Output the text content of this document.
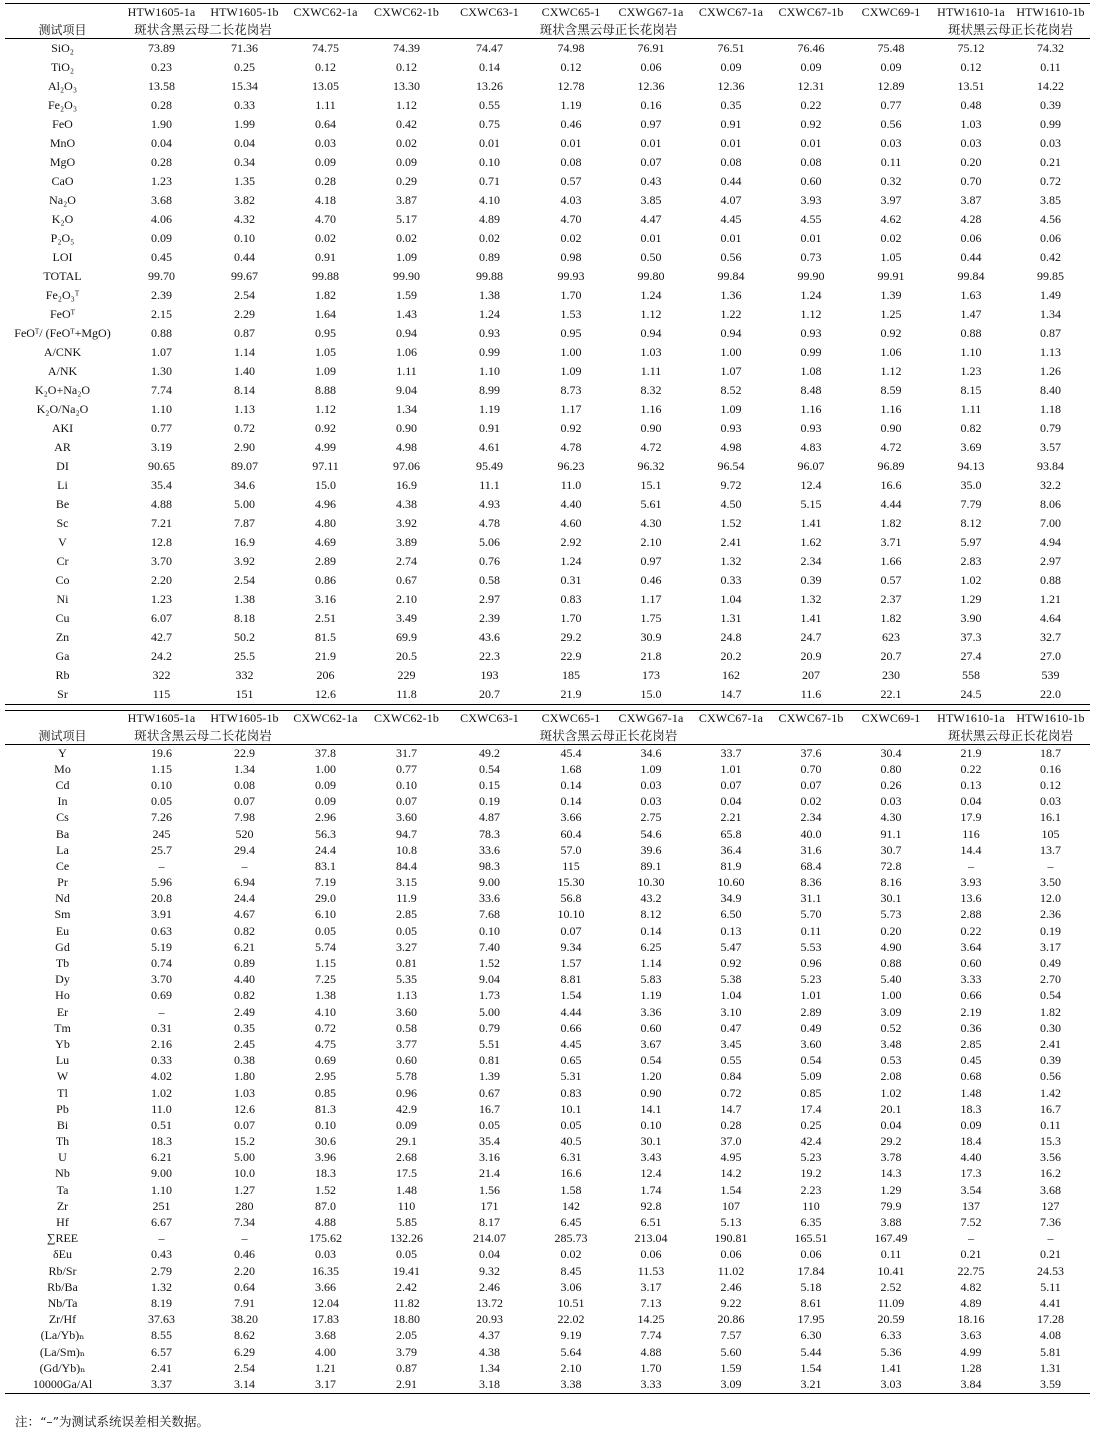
	HTW1605-1a	HTW1605-1b	CXWC62-1a	CXWC62-1b	CXWC63-1	CXWC65-1	CXWG67-1a	CXWC67-1a	CXWC67-1b	CXWC69-1	HTW1610-1a	HTW1610-1b
测试项目	斑状含黑云母二长花岗岩		斑状含黑云母正长花岗岩								斑状黑云母正长花岗岩	
SiO₂	73.89	71.36	74.75	74.39	74.47	74.98	76.91	76.51	76.46	75.48	75.12	74.32
TiO₂	0.23	0.25	0.12	0.12	0.14	0.12	0.06	0.09	0.09	0.09	0.12	0.11
Al₂O₃	13.58	15.34	13.05	13.30	13.26	12.78	12.36	12.36	12.31	12.89	13.51	14.22
Fe₂O₃	0.28	0.33	1.11	1.12	0.55	1.19	0.16	0.35	0.22	0.77	0.48	0.39
FeO	1.90	1.99	0.64	0.42	0.75	0.46	0.97	0.91	0.92	0.56	1.03	0.99
MnO	0.04	0.04	0.03	0.02	0.01	0.01	0.01	0.01	0.01	0.03	0.03	0.03
MgO	0.28	0.34	0.09	0.09	0.10	0.08	0.07	0.08	0.08	0.11	0.20	0.21
CaO	1.23	1.35	0.28	0.29	0.71	0.57	0.43	0.44	0.60	0.32	0.70	0.72
Na₂O	3.68	3.82	4.18	3.87	4.10	4.03	3.85	4.07	3.93	3.97	3.87	3.85
K₂O	4.06	4.32	4.70	5.17	4.89	4.70	4.47	4.45	4.55	4.62	4.28	4.56
P₂O₅	0.09	0.10	0.02	0.02	0.02	0.02	0.01	0.01	0.01	0.02	0.06	0.06
LOI	0.45	0.44	0.91	1.09	0.89	0.98	0.50	0.56	0.73	1.05	0.44	0.42
TOTAL	99.70	99.67	99.88	99.90	99.88	99.93	99.80	99.84	99.90	99.91	99.84	99.85
Fe₂O₃ᵀ	2.39	2.54	1.82	1.59	1.38	1.70	1.24	1.36	1.24	1.39	1.63	1.49
FeOᵀ	2.15	2.29	1.64	1.43	1.24	1.53	1.12	1.22	1.12	1.25	1.47	1.34
FeOᵀ/ (FeOᵀ+MgO)	0.88	0.87	0.95	0.94	0.93	0.95	0.94	0.94	0.93	0.92	0.88	0.87
A/CNK	1.07	1.14	1.05	1.06	0.99	1.00	1.03	1.00	0.99	1.06	1.10	1.13
A/NK	1.30	1.40	1.09	1.11	1.10	1.09	1.11	1.07	1.08	1.12	1.23	1.26
K₂O+Na₂O	7.74	8.14	8.88	9.04	8.99	8.73	8.32	8.52	8.48	8.59	8.15	8.40
K₂O/Na₂O	1.10	1.13	1.12	1.34	1.19	1.17	1.16	1.09	1.16	1.16	1.11	1.18
AKI	0.77	0.72	0.92	0.90	0.91	0.92	0.90	0.93	0.93	0.90	0.82	0.79
AR	3.19	2.90	4.99	4.98	4.61	4.78	4.72	4.98	4.83	4.72	3.69	3.57
DI	90.65	89.07	97.11	97.06	95.49	96.23	96.32	96.54	96.07	96.89	94.13	93.84
Li	35.4	34.6	15.0	16.9	11.1	11.0	15.1	9.72	12.4	16.6	35.0	32.2
Be	4.88	5.00	4.96	4.38	4.93	4.40	5.61	4.50	5.15	4.44	7.79	8.06
Sc	7.21	7.87	4.80	3.92	4.78	4.60	4.30	1.52	1.41	1.82	8.12	7.00
V	12.8	16.9	4.69	3.89	5.06	2.92	2.10	2.41	1.62	3.71	5.97	4.94
Cr	3.70	3.92	2.89	2.74	0.76	1.24	0.97	1.32	2.34	1.66	2.83	2.97
Co	2.20	2.54	0.86	0.67	0.58	0.31	0.46	0.33	0.39	0.57	1.02	0.88
Ni	1.23	1.38	3.16	2.10	2.97	0.83	1.17	1.04	1.32	2.37	1.29	1.21
Cu	6.07	8.18	2.51	3.49	2.39	1.70	1.75	1.31	1.41	1.82	3.90	4.64
Zn	42.7	50.2	81.5	69.9	43.6	29.2	30.9	24.8	24.7	623	37.3	32.7
Ga	24.2	25.5	21.9	20.5	22.3	22.9	21.8	20.2	20.9	20.7	27.4	27.0
Rb	322	332	206	229	193	185	173	162	207	230	558	539
Sr	115	151	12.6	11.8	20.7	21.9	15.0	14.7	11.6	22.1	24.5	22.0
	HTW1605-1a	HTW1605-1b	CXWC62-1a	CXWC62-1b	CXWC63-1	CXWC65-1	CXWG67-1a	CXWC67-1a	CXWC67-1b	CXWC69-1	HTW1610-1a	HTW1610-1b
测试项目	斑状含黑云母二长花岗岩		斑状含黑云母正长花岗岩								斑状黑云母正长花岗岩	
Y	19.6	22.9	37.8	31.7	49.2	45.4	34.6	33.7	37.6	30.4	21.9	18.7
Mo	1.15	1.34	1.00	0.77	0.54	1.68	1.09	1.01	0.70	0.80	0.22	0.16
Cd	0.10	0.08	0.09	0.10	0.15	0.14	0.03	0.07	0.07	0.26	0.13	0.12
In	0.05	0.07	0.09	0.07	0.19	0.14	0.03	0.04	0.02	0.03	0.04	0.03
Cs	7.26	7.98	2.96	3.60	4.87	3.66	2.75	2.21	2.34	4.30	17.9	16.1
Ba	245	520	56.3	94.7	78.3	60.4	54.6	65.8	40.0	91.1	116	105
La	25.7	29.4	24.4	10.8	33.6	57.0	39.6	36.4	31.6	30.7	14.4	13.7
Ce	–	–	83.1	84.4	98.3	115	89.1	81.9	68.4	72.8	–	–
Pr	5.96	6.94	7.19	3.15	9.00	15.30	10.30	10.60	8.36	8.16	3.93	3.50
Nd	20.8	24.4	29.0	11.9	33.6	56.8	43.2	34.9	31.1	30.1	13.6	12.0
Sm	3.91	4.67	6.10	2.85	7.68	10.10	8.12	6.50	5.70	5.73	2.88	2.36
Eu	0.63	0.82	0.05	0.05	0.10	0.07	0.14	0.13	0.11	0.20	0.22	0.19
Gd	5.19	6.21	5.74	3.27	7.40	9.34	6.25	5.47	5.53	4.90	3.64	3.17
Tb	0.74	0.89	1.15	0.81	1.52	1.57	1.14	0.92	0.96	0.88	0.60	0.49
Dy	3.70	4.40	7.25	5.35	9.04	8.81	5.83	5.38	5.23	5.40	3.33	2.70
Ho	0.69	0.82	1.38	1.13	1.73	1.54	1.19	1.04	1.01	1.00	0.66	0.54
Er	–	2.49	4.10	3.60	5.00	4.44	3.36	3.10	2.89	3.09	2.19	1.82
Tm	0.31	0.35	0.72	0.58	0.79	0.66	0.60	0.47	0.49	0.52	0.36	0.30
Yb	2.16	2.45	4.75	3.77	5.51	4.45	3.67	3.45	3.60	3.48	2.85	2.41
Lu	0.33	0.38	0.69	0.60	0.81	0.65	0.54	0.55	0.54	0.53	0.45	0.39
W	4.02	1.80	2.95	5.78	1.39	5.31	1.20	0.84	5.09	2.08	0.68	0.56
Tl	1.02	1.03	0.85	0.96	0.67	0.83	0.90	0.72	0.85	1.02	1.48	1.42
Pb	11.0	12.6	81.3	42.9	16.7	10.1	14.1	14.7	17.4	20.1	18.3	16.7
Bi	0.51	0.07	0.10	0.09	0.05	0.05	0.10	0.28	0.25	0.04	0.09	0.11
Th	18.3	15.2	30.6	29.1	35.4	40.5	30.1	37.0	42.4	29.2	18.4	15.3
U	6.21	5.00	3.96	2.68	3.16	6.31	3.43	4.95	5.23	3.78	4.40	3.56
Nb	9.00	10.0	18.3	17.5	21.4	16.6	12.4	14.2	19.2	14.3	17.3	16.2
Ta	1.10	1.27	1.52	1.48	1.56	1.58	1.74	1.54	2.23	1.29	3.54	3.68
Zr	251	280	87.0	110	171	142	92.8	107	110	79.9	137	127
Hf	6.67	7.34	4.88	5.85	8.17	6.45	6.51	5.13	6.35	3.88	7.52	7.36
∑REE	–	–	175.62	132.26	214.07	285.73	213.04	190.81	165.51	167.49	–	–
δEu	0.43	0.46	0.03	0.05	0.04	0.02	0.06	0.06	0.06	0.11	0.21	0.21
Rb/Sr	2.79	2.20	16.35	19.41	9.32	8.45	11.53	11.02	17.84	10.41	22.75	24.53
Rb/Ba	1.32	0.64	3.66	2.42	2.46	3.06	3.17	2.46	5.18	2.52	4.82	5.11
Nb/Ta	8.19	7.91	12.04	11.82	13.72	10.51	7.13	9.22	8.61	11.09	4.89	4.41
Zr/Hf	37.63	38.20	17.83	18.80	20.93	22.02	14.25	20.86	17.95	20.59	18.16	17.28
(La/Yb)ₙ	8.55	8.62	3.68	2.05	4.37	9.19	7.74	7.57	6.30	6.33	3.63	4.08
(La/Sm)ₙ	6.57	6.29	4.00	3.79	4.38	5.64	4.88	5.60	5.44	5.36	4.99	5.81
(Gd/Yb)ₙ	2.41	2.54	1.21	0.87	1.34	2.10	1.70	1.59	1.54	1.41	1.28	1.31
10000Ga/Al	3.37	3.14	3.17	2.91	3.18	3.38	3.33	3.09	3.21	3.03	3.84	3.59
注：“–”为测试系统误差相关数据。
